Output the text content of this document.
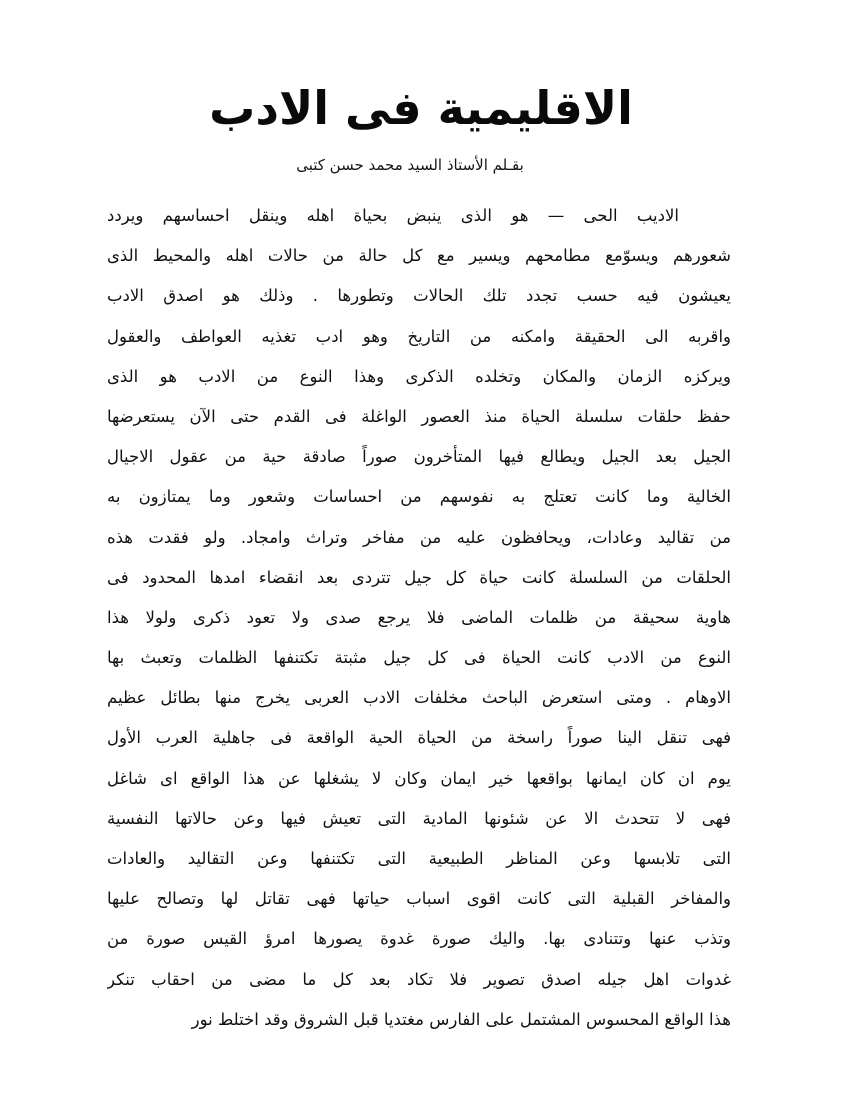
الاقليمية فى الادب
بقـلم الأستاذ السيد محمد حسن كتبى
الاديب الحى — هو الذى ينبض بحياة اهله وينقل احساسهم ويردد
شعورهم ويسوّمع مطامحهم ويسير مع كل حالة من حالات اهله والمحيط الذى
يعيشون فيه حسب تجدد تلك الحالات وتطورها . وذلك هو اصدق الادب
واقربه الى الحقيقة وامكنه من التاريخ وهو ادب تغذيه العواطف والعقول
ويركزه الزمان والمكان وتخلده الذكرى وهذا النوع من الادب هو الذى
حفظ حلقات سلسلة الحياة منذ العصور الواغلة فى القدم حتى الآن يستعرضها
الجيل بعد الجيل ويطالع فيها المتأخرون صوراً صادقة حية من عقول الاجيال
الخالية وما كانت تعتلج به نفوسهم من احساسات وشعور وما يمتازون به
من تقاليد وعادات، ويحافظون عليه من مفاخر وتراث وامجاد. ولو فقدت هذه
الحلقات من السلسلة كانت حياة كل جيل تتردى بعد انقضاء امدها المحدود فى
هاوية سحيقة من ظلمات الماضى فلا يرجع صدى ولا تعود ذكرى ولولا هذا
النوع من الادب كانت الحياة فى كل جيل مثبتة تكتنفها الظلمات وتعبث بها
الاوهام . ومتى استعرض الباحث مخلفات الادب العربى يخرج منها بطائل عظيم
فهى تنقل الينا صوراً راسخة من الحياة الحية الواقعة فى جاهلية العرب الأول
يوم ان كان ايمانها بواقعها خير ايمان وكان لا يشغلها عن هذا الواقع اى شاغل
فهى لا تتحدث الا عن شئونها المادية التى تعيش فيها وعن حالاتها النفسية
التى تلابسها وعن المناظر الطبيعية التى تكتنفها وعن التقاليد والعادات
والمفاخر القبلية التى كانت اقوى اسباب حياتها فهى تقاتل لها وتصالح عليها
وتذب عنها وتتنادى بها. واليك صورة غدوة يصورها امرؤ القيس صورة من
غدوات اهل جيله اصدق تصوير فلا تكاد بعد كل ما مضى من احقاب تنكر
هذا الواقع المحسوس المشتمل على الفارس مغتديا قبل الشروق وقد اختلط نور
